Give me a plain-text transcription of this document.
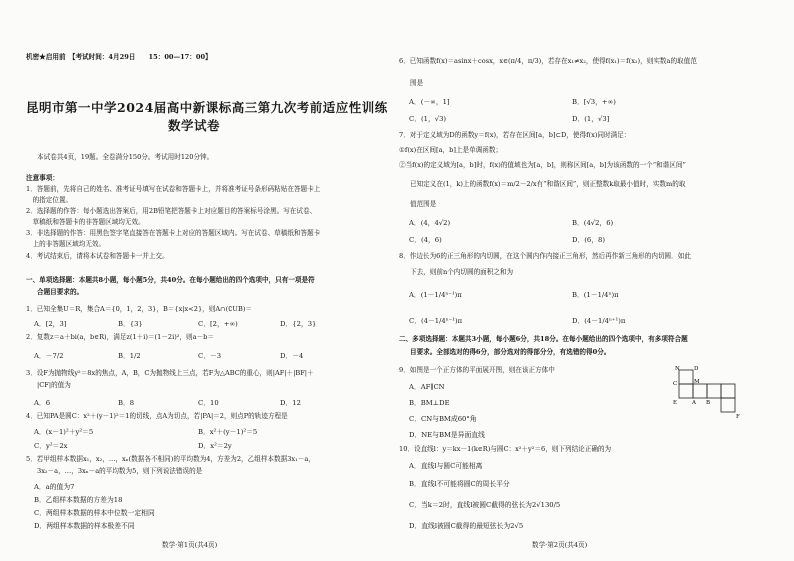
机密★启用前　【考试时间：4月29日　　15：00—17：00】
昆明市第一中学2024届高中新课标高三第九次考前适应性训练
数学试卷
本试卷共4页，19题。全卷满分150分。考试用时120分钟。
注意事项：
1．答题前，先将自己的姓名、准考证号填写在试卷和答题卡上，并将准考证号条形码粘贴在答题卡上
　的指定位置。
2．选择题的作答：每小题选出答案后，用2B铅笔把答题卡上对应题目的答案标号涂黑。写在试卷、
　草稿纸和答题卡的非答题区域均无效。
3．非选择题的作答：用黑色签字笔直接答在答题卡上对应的答题区域内。写在试卷、草稿纸和答题卡
　上的非答题区域均无效。
4．考试结束后，请将本试卷和答题卡一并上交。
一、单项选择题：本题共8小题，每小题5分，共40分。在每小题给出的四个选项中，只有一项是符
合题目要求的。
1．已知全集U＝R，集合A＝{0，1，2，3}，B＝{x|x<2}，则A∩(∁UB)＝
A．[2，3]	B．{3}	C．[2，+∞)	D．{2，3}
2．复数z＝a＋bi(a，b∈R)，满足z(1＋i)＝(1－2i)²，则a－b＝
A．－7/2	B．1/2	C．－3	D．－4
3．设F为抛物线y²＝8x的焦点，A，B，C为抛物线上三点，若F为△ABC的重心，则|AF|＋|BF|＋
|CF|的值为
A．6	B．8	C．10	D．12
4．已知PA是圆C：x²＋(y－1)²＝1的切线，点A为切点，若|PA|＝2，则点P的轨迹方程是
A．(x－1)²＋y²＝5	B．x²＋(y－1)²＝5
C．y²＝2x	D．x²＝2y
5．若甲组样本数据x₁，x₂，…，xₙ(数据各不相同)的平均数为4，方差为2，乙组样本数据3x₁－a，
3x₂－a，…，3xₙ－a的平均数为5，则下列说法错误的是
A．a的值为7
B．乙组样本数据的方差为18
C．两组样本数据的样本中位数一定相同
D．两组样本数据的样本极差不同
数学·第1页(共4页)
6．已知函数f(x)＝asinx＋cosx，x∈(π/4，π/3)，若存在x₁≠x₂，使得f(x₁)＝f(x₂)，则实数a的取值范
围是
A．(－∞，1]	B．[√3，+∞)
C．(1，√3)	D．(1，√3]
7．对于定义域为D的函数y＝f(x)，若存在区间[a，b]⊂D，使得f(x)同时满足：
①f(x)在区间[a，b]上是单调函数；
②当f(x)的定义域为[a，b]时，f(x)的值域也为[a，b]，则称区间[a，b]为该函数的一个“和谐区间”
已知定义在(1，k)上的函数f(x)＝m/2－2/x有“和谐区间”，则正整数k取最小值时，实数m的取
值范围是
A．(4，4√2)	B．(4√2，6)
C．(4，6)	D．(6，8)
8．作边长为6的正三角形的内切圆，在这个圆内作内接正三角形，然后再作新三角形的内切圆．如此
下去，则前n个内切圆的面积之和为
A．(1－1/4ⁿ⁻¹)π	B．(1－1/4ⁿ)π
C．(4－1/4ⁿ⁻¹)π	D．(4－1/4ⁿ⁺¹)π
二、多项选择题：本题共3小题，每小题6分，共18分。在每小题给出的四个选项中，有多项符合题
目要求。全部选对的得6分，部分选对的得部分分，有选错的得0分。
9．如图是一个正方体的平面展开图，则在该正方体中
A．AF∥CN
B．BM⊥DE
C．CN与BM成60°角
D．NE与BM是异面直线
N	D
C	M
E	A B
F
10．设直线l：y＝kx－1(k∈R)与圆C：x²＋y²＝6，则下列结论正确的为
A．直线l与圆C可能相离
B．直线l不可能将圆C的周长平分
C．当k＝2时，直线l被圆C截得的弦长为2√130/5
D．直线l被圆C截得的最短弦长为2√5
数学·第2页(共4页)
